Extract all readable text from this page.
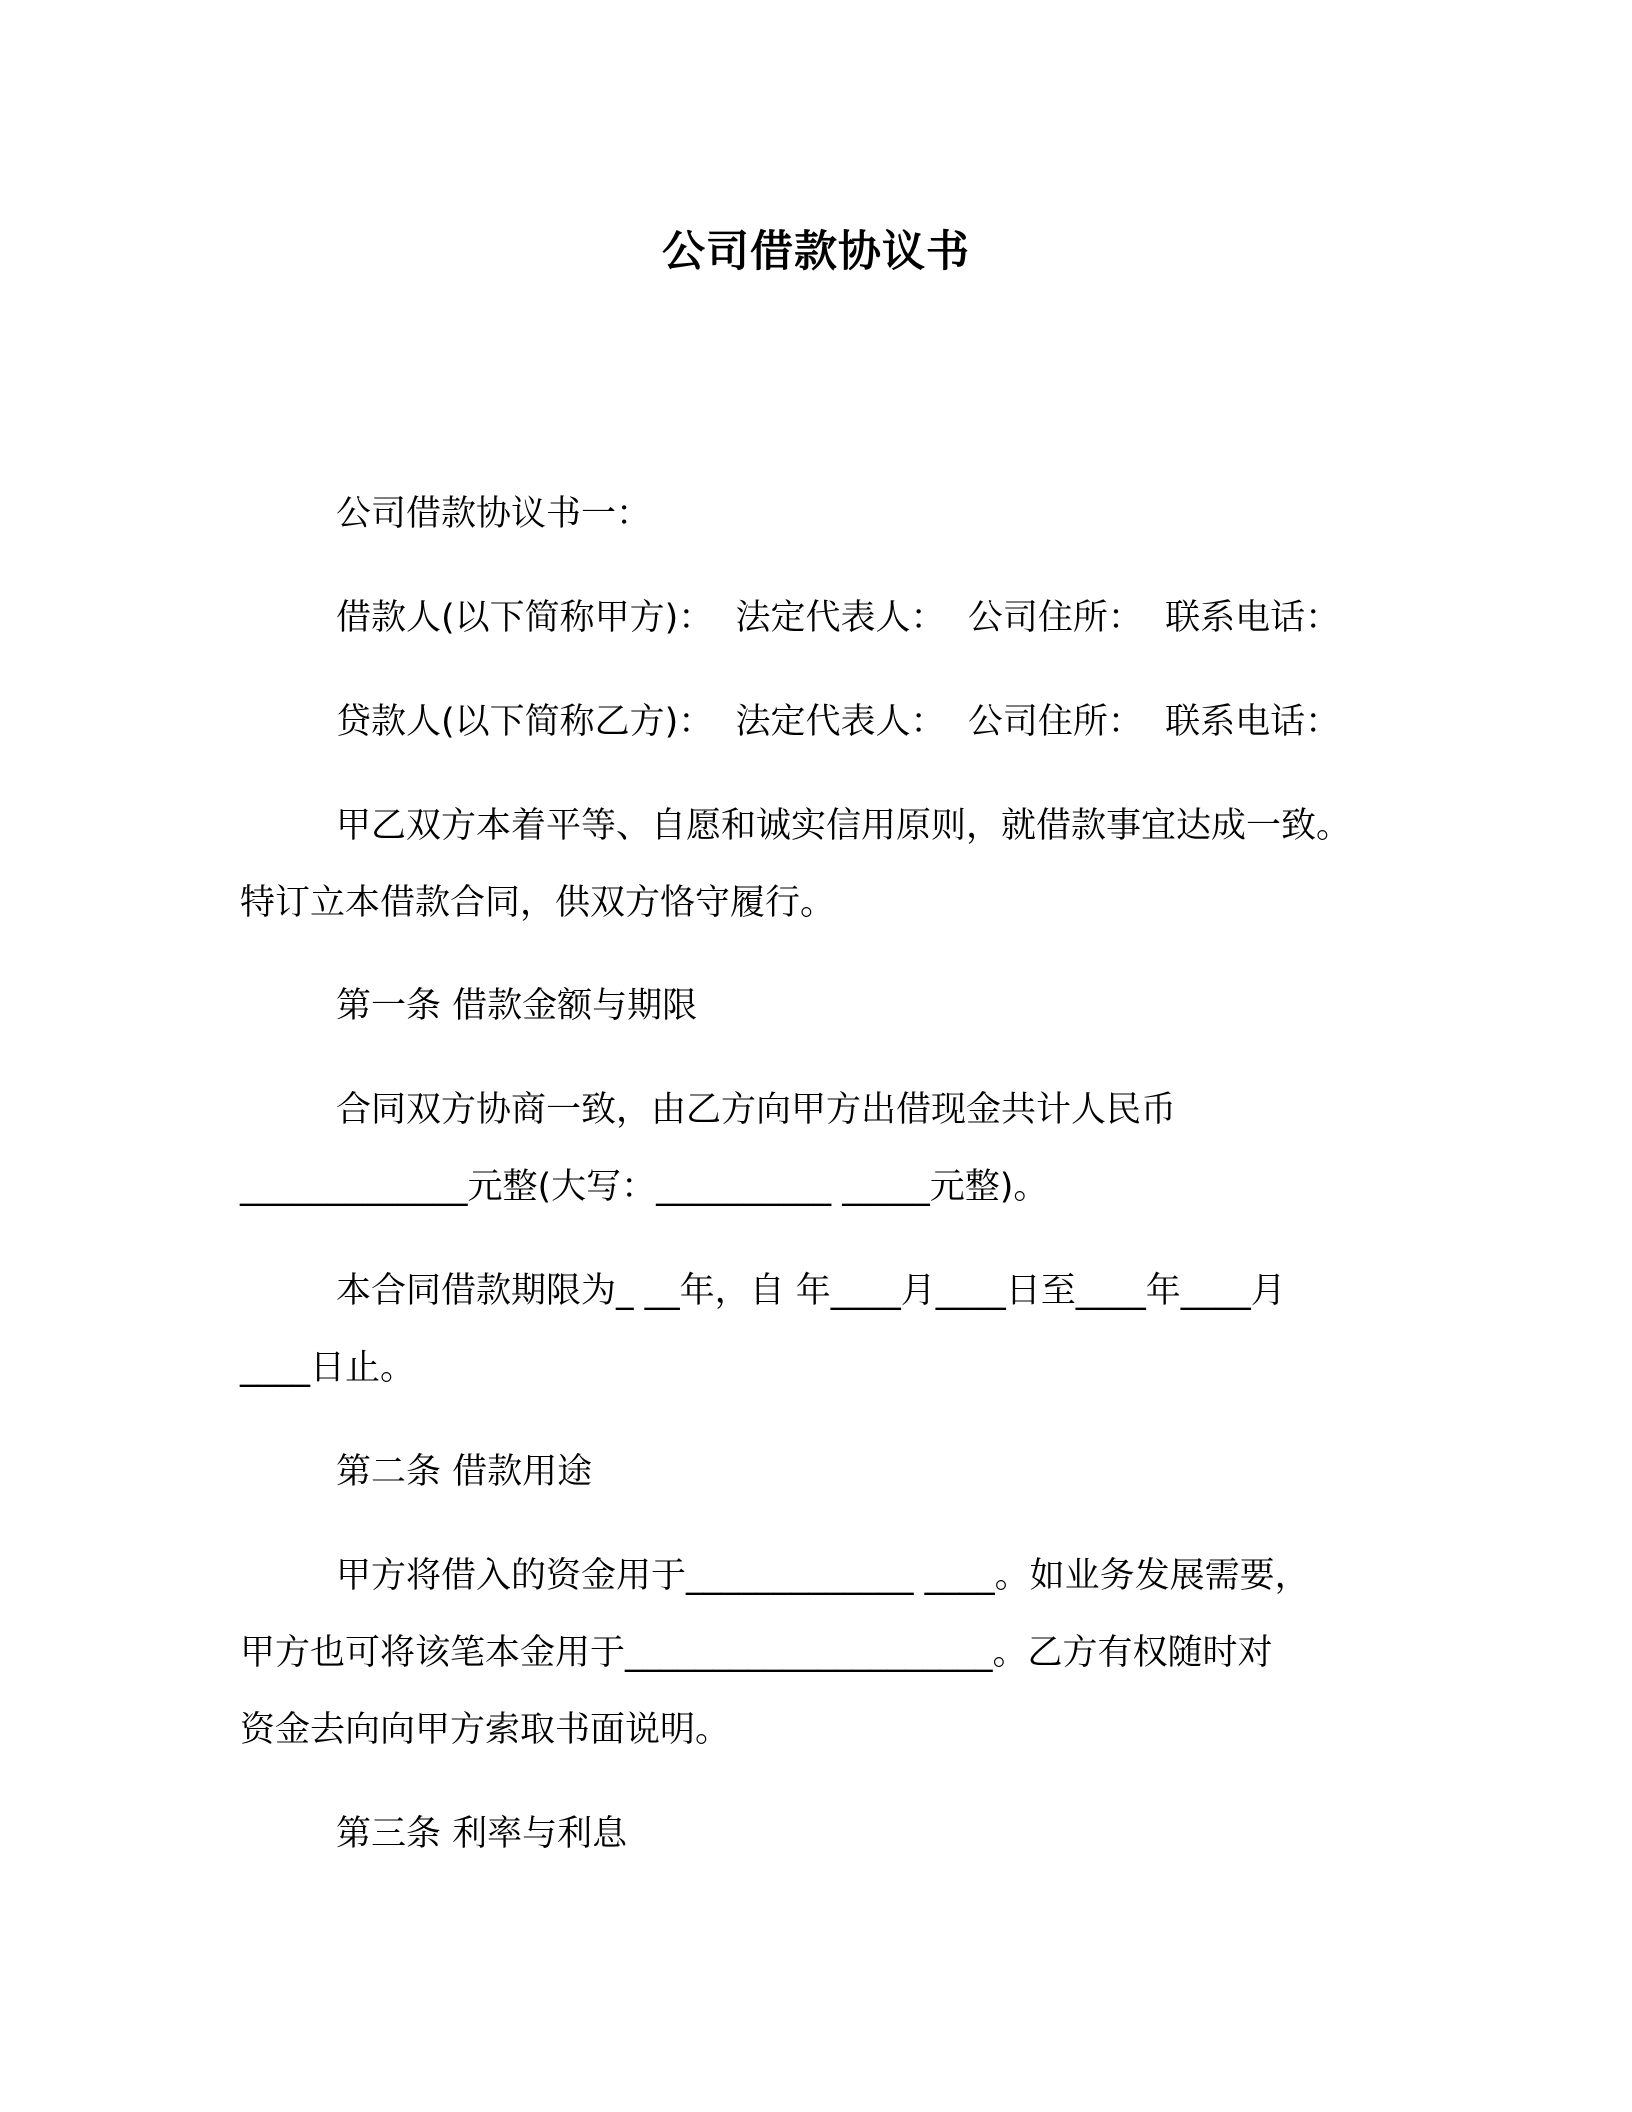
公司借款协议书
公司借款协议书一：
借款人(以下简称甲方)：  法定代表人：  公司住所：  联系电话：
贷款人(以下简称乙方)：  法定代表人：  公司住所：  联系电话：
甲乙双方本着平等、自愿和诚实信用原则，就借款事宜达成一致。
特订立本借款合同，供双方恪守履行。
第一条 借款金额与期限
合同双方协商一致，由乙方向甲方出借现金共计人民币
_____________元整(大写：__________ _____元整)。
本合同借款期限为_ __年，自 年____月____日至____年____月
____日止。
第二条 借款用途
甲方将借入的资金用于_____________ ____。如业务发展需要，
甲方也可将该笔本金用于_____________________。乙方有权随时对
资金去向向甲方索取书面说明。
第三条 利率与利息
